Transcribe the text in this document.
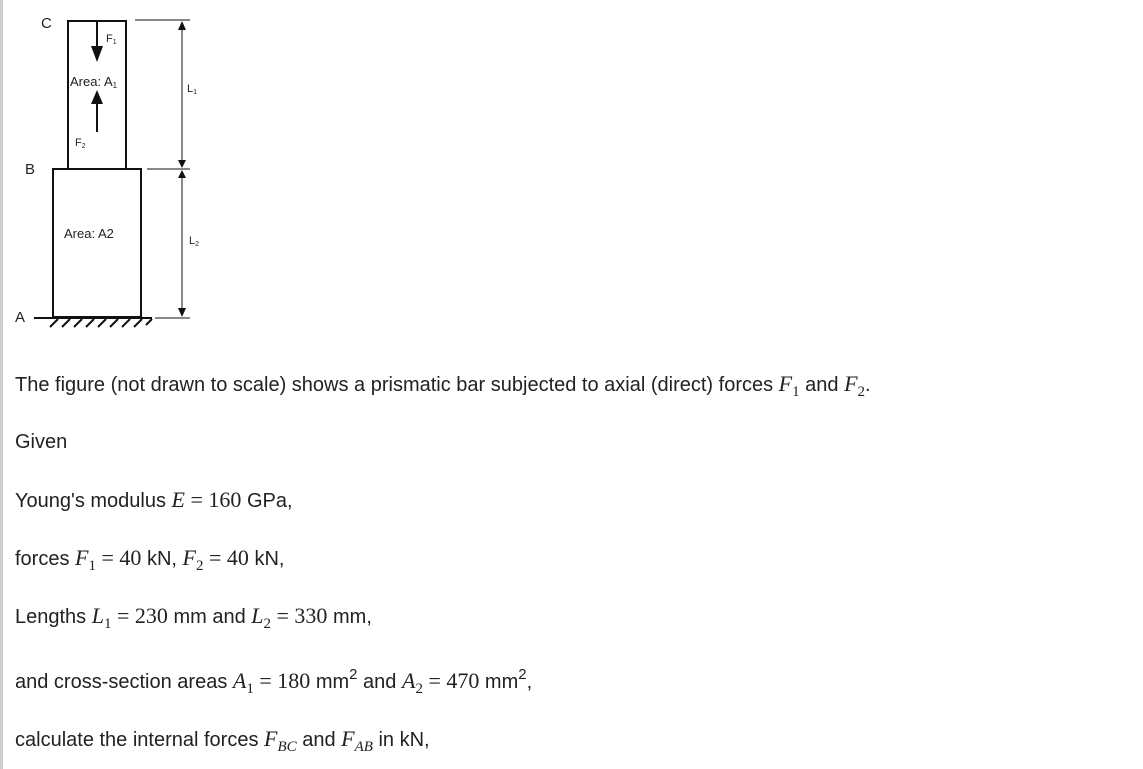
C
B
A
F1
F2
Area: A1
Area: A2
L1
L2

The figure (not drawn to scale) shows a prismatic bar subjected to axial (direct) forces $F_1$ and $F_2$.

Given

Young's modulus E = 160 GPa,

forces $F_1 = 40$ kN, $F_2 = 40$ kN,

Lengths $L_1 = 230$ mm and $L_2 = 330$ mm,

and cross-section areas $A_1 = 180$ $mm^2$ and $A_2 = 470$ $mm^2$,

calculate the internal forces $F_{BC}$ and $F_{AB}$ in kN,
